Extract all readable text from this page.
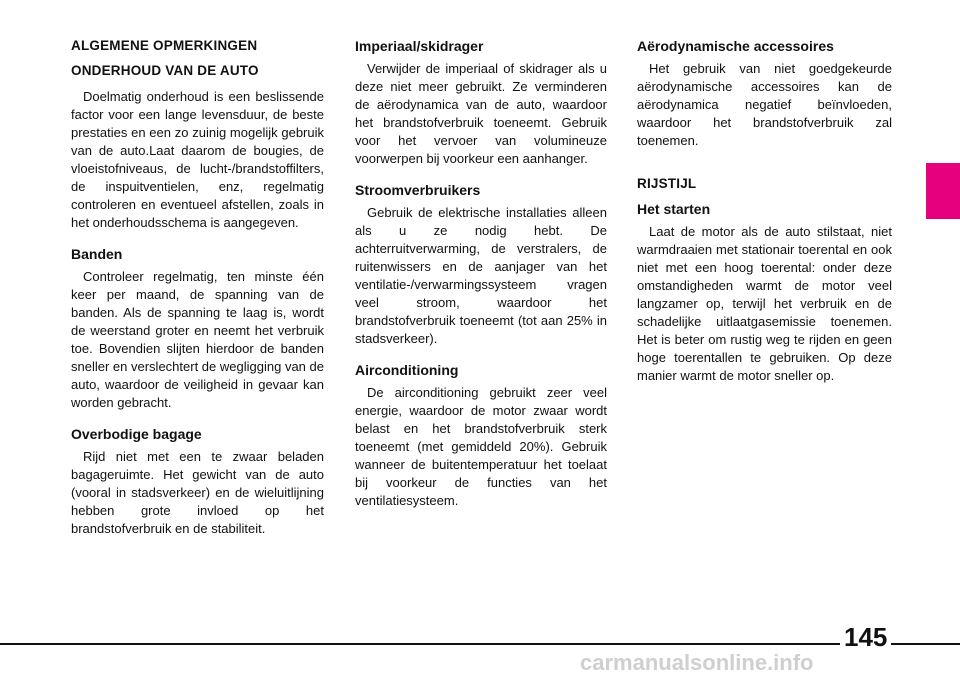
ALGEMENE OPMERKINGEN
ONDERHOUD VAN DE AUTO

Doelmatig onderhoud is een beslissende factor voor een lange levensduur, de beste prestaties en een zo zuinig mogelijk gebruik van de auto.Laat daarom de bougies, de vloeistofniveaus, de lucht-/brandstoffilters, de inspuitventielen, enz, regelmatig controleren en eventueel afstellen, zoals in het onderhoudsschema is aangegeven.

Banden

Controleer regelmatig, ten minste één keer per maand, de spanning van de banden. Als de spanning te laag is, wordt de weerstand groter en neemt het verbruik toe. Bovendien slijten hierdoor de banden sneller en verslechtert de wegligging van de auto, waardoor de veiligheid in gevaar kan worden gebracht.

Overbodige bagage

Rijd niet met een te zwaar beladen bagageruimte. Het gewicht van de auto (vooral in stadsverkeer) en de wieluitlijning hebben grote invloed op het brandstofverbruik en de stabiliteit.

Imperiaal/skidrager

Verwijder de imperiaal of skidrager als u deze niet meer gebruikt. Ze verminderen de aërodynamica van de auto, waardoor het brandstofverbruik toeneemt. Gebruik voor het vervoer van volumineuze voorwerpen bij voorkeur een aanhanger.

Stroomverbruikers

Gebruik de elektrische installaties alleen als u ze nodig hebt. De achterruitverwarming, de verstralers, de ruitenwissers en de aanjager van het ventilatie-/verwarmingssysteem vragen veel stroom, waardoor het brandstofverbruik toeneemt (tot aan 25% in stadsverkeer).

Airconditioning

De airconditioning gebruikt zeer veel energie, waardoor de motor zwaar wordt belast en het brandstofverbruik sterk toeneemt (met gemiddeld 20%). Gebruik wanneer de buitentemperatuur het toelaat bij voorkeur de functies van het ventilatiesysteem.

Aërodynamische accessoires

Het gebruik van niet goedgekeurde aërodynamische accessoires kan de aërodynamica negatief beïnvloeden, waardoor het brandstofverbruik zal toenemen.

RIJSTIJL
Het starten

Laat de motor als de auto stilstaat, niet warmdraaien met stationair toerental en ook niet met een hoog toerental: onder deze omstandigheden warmt de motor veel langzamer op, terwijl het verbruik en de schadelijke uitlaatgasemissie toenemen. Het is beter om rustig weg te rijden en geen hoge toerentallen te gebruiken. Op deze manier warmt de motor sneller op.

145
carmanualsonline.info
